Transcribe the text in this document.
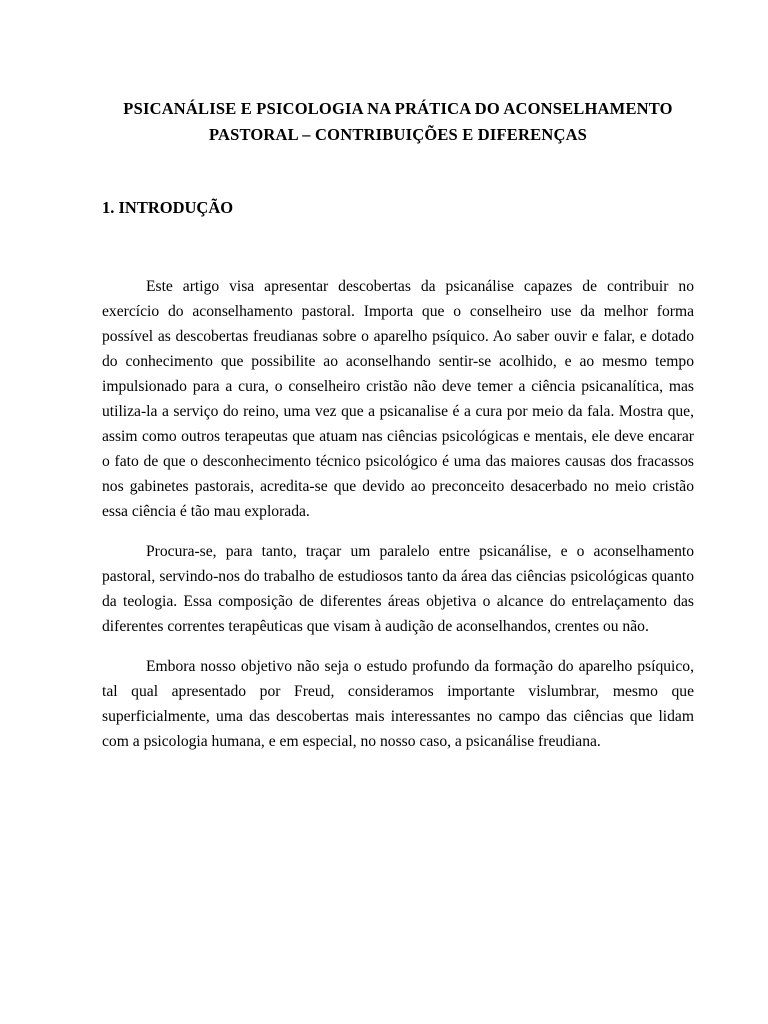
PSICANÁLISE E PSICOLOGIA NA PRÁTICA DO ACONSELHAMENTO
PASTORAL – CONTRIBUIÇÕES E DIFERENÇAS
1. INTRODUÇÃO
Este artigo visa apresentar descobertas da psicanálise capazes de contribuir no
exercício do aconselhamento pastoral. Importa que o conselheiro use da melhor forma
possível as descobertas freudianas sobre o aparelho psíquico. Ao saber ouvir e falar, e dotado
do conhecimento que possibilite ao aconselhando sentir-se acolhido, e ao mesmo tempo
impulsionado para a cura, o conselheiro cristão não deve temer a ciência psicanalítica, mas
utiliza-la a serviço do reino, uma vez que a psicanalise é a cura por meio da fala. Mostra que,
assim como outros terapeutas que atuam nas ciências psicológicas e mentais, ele deve encarar
o fato de que o desconhecimento técnico psicológico é uma das maiores causas dos fracassos
nos gabinetes pastorais, acredita-se que devido ao preconceito desacerbado no meio cristão
essa ciência é tão mau explorada.
Procura-se, para tanto, traçar um paralelo entre psicanálise, e o aconselhamento
pastoral, servindo-nos do trabalho de estudiosos tanto da área das ciências psicológicas quanto
da teologia. Essa composição de diferentes áreas objetiva o alcance do entrelaçamento das
diferentes correntes terapêuticas que visam à audição de aconselhandos, crentes ou não.
Embora nosso objetivo não seja o estudo profundo da formação do aparelho psíquico,
tal qual apresentado por Freud, consideramos importante vislumbrar, mesmo que
superficialmente, uma das descobertas mais interessantes no campo das ciências que lidam
com a psicologia humana, e em especial, no nosso caso, a psicanálise freudiana.
